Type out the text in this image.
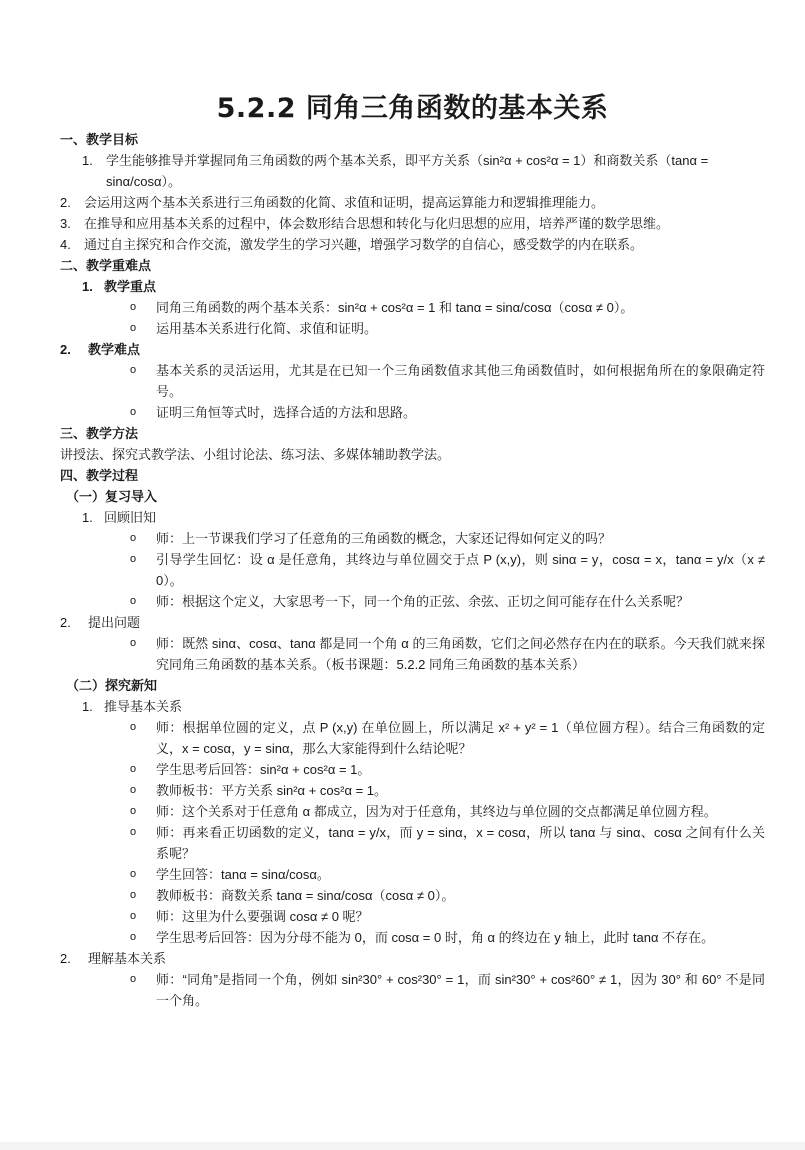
5.2.2 同角三角函数的基本关系
一、教学目标
1.	学生能够推导并掌握同角三角函数的两个基本关系，即平方关系（sin²α + cos²α = 1）和商数关系（tanα = sinα/cosα）。
2.	会运用这两个基本关系进行三角函数的化简、求值和证明，提高运算能力和逻辑推理能力。
3.	在推导和应用基本关系的过程中，体会数形结合思想和转化与化归思想的应用，培养严谨的数学思维。
4.	通过自主探究和合作交流，激发学生的学习兴趣，增强学习数学的自信心，感受数学的内在联系。
二、教学重难点
1. 教学重点
o	同角三角函数的两个基本关系：sin²α + cos²α = 1 和 tanα = sinα/cosα（cosα ≠ 0）。
o	运用基本关系进行化简、求值和证明。
2.	教学难点
o	基本关系的灵活运用，尤其是在已知一个三角函数值求其他三角函数值时，如何根据角所在的象限确定符号。
o	证明三角恒等式时，选择合适的方法和思路。
三、教学方法
讲授法、探究式教学法、小组讨论法、练习法、多媒体辅助教学法。
四、教学过程
（一）复习导入
1. 回顾旧知
o	师：上一节课我们学习了任意角的三角函数的概念，大家还记得如何定义的吗？
o	引导学生回忆：设 α 是任意角，其终边与单位圆交于点 P (x,y)，则 sinα = y，cosα = x，tanα = y/x（x ≠ 0）。
o	师：根据这个定义，大家思考一下，同一个角的正弦、余弦、正切之间可能存在什么关系呢？
2.	提出问题
o	师：既然 sinα、cosα、tanα 都是同一个角 α 的三角函数，它们之间必然存在内在的联系。今天我们就来探究同角三角函数的基本关系。（板书课题：5.2.2 同角三角函数的基本关系）
（二）探究新知
1. 推导基本关系
o	师：根据单位圆的定义，点 P (x,y) 在单位圆上，所以满足 x² + y² = 1（单位圆方程）。结合三角函数的定义，x = cosα，y = sinα，那么大家能得到什么结论呢？
o	学生思考后回答：sin²α + cos²α = 1。
o	教师板书：平方关系 sin²α + cos²α = 1。
o	师：这个关系对于任意角 α 都成立，因为对于任意角，其终边与单位圆的交点都满足单位圆方程。
o	师：再来看正切函数的定义，tanα = y/x，而 y = sinα，x = cosα，所以 tanα 与 sinα、cosα 之间有什么关系呢？
o	学生回答：tanα = sinα/cosα。
o	教师板书：商数关系 tanα = sinα/cosα（cosα ≠ 0）。
o	师：这里为什么要强调 cosα ≠ 0 呢？
o	学生思考后回答：因为分母不能为 0，而 cosα = 0 时，角 α 的终边在 y 轴上，此时 tanα 不存在。
2.	理解基本关系
o	师：“同角”是指同一个角，例如 sin²30° + cos²30° = 1，而 sin²30° + cos²60° ≠ 1，因为 30° 和 60° 不是同一个角。
